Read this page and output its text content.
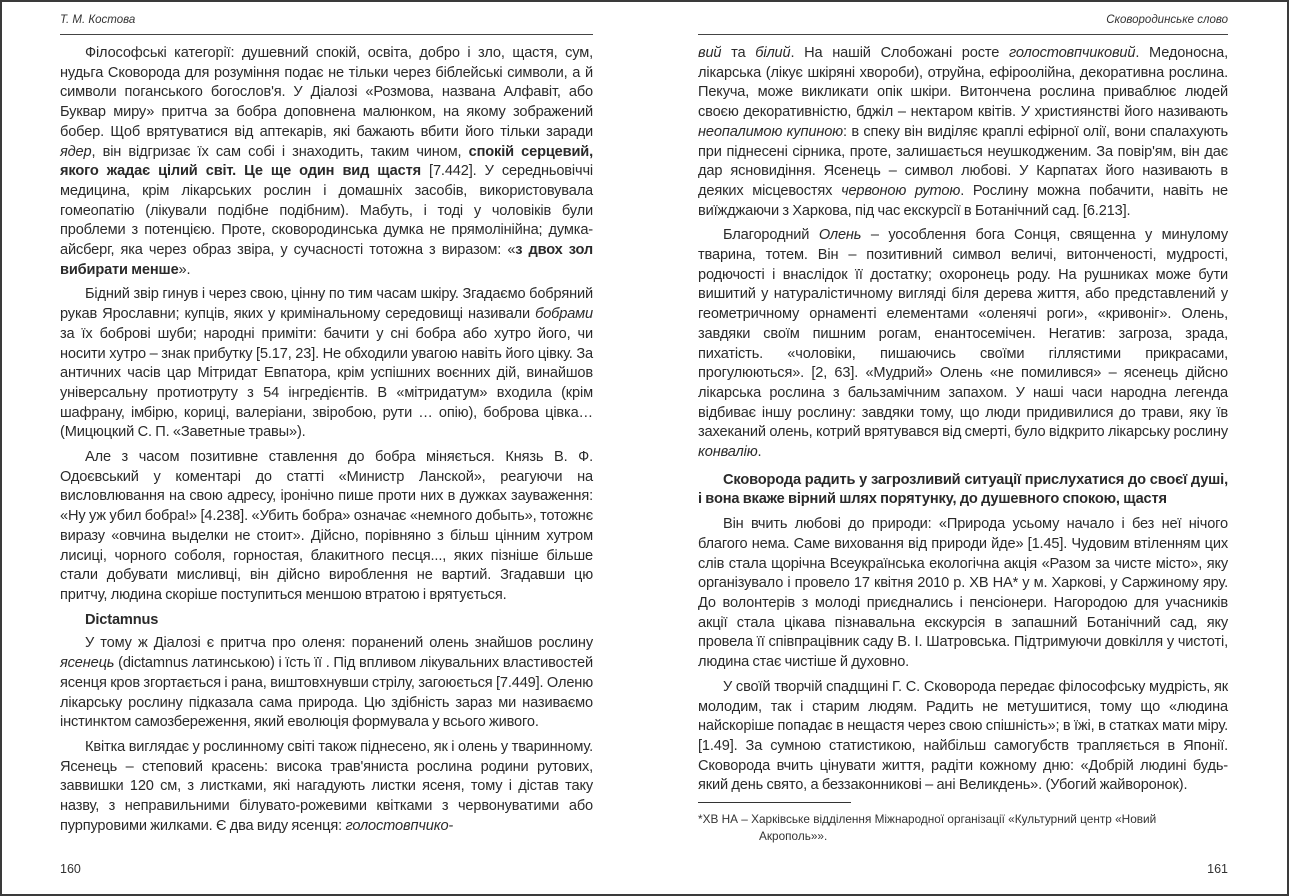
Т. М. Костова

Філософські категорії: душевний спокій, освіта, добро і зло, щастя, сум, нудьга Сковорода для розуміння подає не тільки через біблейські символи, а й символи поганського богослов'я. У Діалозі «Розмова, названа Алфавіт, або Буквар миру» притча за бобра доповнена малюнком, на якому зображений бобер. Щоб врятуватися від аптекарів, які бажають вбити його тільки заради ядер, він відгризає їх сам собі і знаходить, таким чином, спокій серцевий, якого жадає цілий світ. Це ще один вид щастя [7.442]. У середньовіччі медицина, крім лікарських рослин і домашніх засобів, використовувала гомеопатію (лікували подібне подібним). Мабуть, і тоді у чоловіків були проблеми з потенцією. Проте, сковородинська думка не прямолінійна; думка-айсберг, яка через образ звіра, у сучасності тотожна з виразом: «з двох зол вибирати менше».

Бідний звір гинув і через свою, цінну по тим часам шкіру. Згадаємо бобряний рукав Ярославни; купців, яких у кримінальному середовищі називали бобрами за їх боброві шуби; народні приміти: бачити у сні бобра або хутро його, чи носити хутро – знак прибутку [5.17, 23]. Не обходили увагою навіть його цівку. За античних часів цар Мітридат Евпатора, крім успішних воєнних дій, винайшов універсальну протиотруту з 54 інгредієнтів. В «мітридатум» входила (крім шафрану, імбірю, кориці, валеріани, звіробою, рути … опію), боброва цівка… (Мицюцкий С. П. «Заветные травы»).

Але з часом позитивне ставлення до бобра міняється. Князь В. Ф. Одоєвський у коментарі до статті «Министр Ланской», реагуючи на висловлювання на свою адресу, іронічно пише проти них в дужках зауваження: «Ну уж убил бобра!» [4.238]. «Убить бобра» означає «немного добыть», тотожнє виразу «овчина выделки не стоит». Дійсно, порівняно з більш цінним хутром лисиці, чорного соболя, горностая, блакитного песця..., яких пізніше більше стали добувати мисливці, він дійсно вироблення не вартий. Згадавши цю притчу, людина скоріше поступиться меншою втратою і врятується.

Dictamnus

У тому ж Діалозі є притча про оленя: поранений олень знайшов рослину ясенець (dictamnus латинською) і їсть її . Під впливом лікувальних властивостей ясенця кров згортається і рана, виштовхнувши стрілу, загоюється [7.449]. Оленю лікарську рослину підказала сама природа. Цю здібність зараз ми називаємо інстинктом самозбереження, який еволюція формувала у всього живого.

Квітка виглядає у рослинному світі також піднесено, як і олень у тваринному. Ясенець – степовий красень: висока трав'яниста рослина родини рутових, заввишки 120 см, з листками, які нагадують листки ясеня, тому і дістав таку назву, з неправильними білувато-рожевими квітками з червонуватими або пурпуровими жилками. Є два виду ясенця: голостовпчико-

160
Сковородинське слово

вий та білий. На нашій Слобожані росте голостовпчиковий. Медоносна, лікарська (лікує шкіряні хвороби), отруйна, ефіроолійна, декоративна рослина. Пекуча, може викликати опік шкіри. Витончена рослина приваблює людей своєю декоративністю, бджіл – нектаром квітів. У християнстві його називають неопалимою купиною: в спеку він виділяє краплі ефірної олії, вони спалахують при піднесені сірника, проте, залишається неушкодженим. За повір'ям, він дає дар ясновидіння. Ясенець – символ любові. У Карпатах його називають в деяких місцевостях червоною рутою. Рослину можна побачити, навіть не виїжджаючи з Харкова, під час екскурсії в Ботанічний сад. [6.213].

Благородний Олень – уособлення бога Сонця, священна у минулому тварина, тотем. Він – позитивний символ величі, витонченості, мудрості, родючості і внаслідок її достатку; охоронець роду. На рушниках може бути вишитий у натуралістичному вигляді біля дерева життя, або представлений у геометричному орнаменті елементами «оленячі роги», «кривоніг». Олень, завдяки своїм пишним рогам, енантосемічен. Негатив: загроза, зрада, пихатість. «чоловіки, пишаючись своїми гіллястими прикрасами, прогулюються». [2, 63]. «Мудрий» Олень «не помилився» – ясенець дійсно лікарська рослина з бальзамічним запахом. У наші часи народна легенда відбиває іншу рослину: завдяки тому, що люди придивилися до трави, яку їв захеканий олень, котрий врятувався від смерті, було відкрито лікарську рослину конвалію.

Сковорода радить у загрозливий ситуації прислухатися до своєї душі, і вона вкаже вірний шлях порятунку, до душевного спокою, щастя

Він вчить любові до природи: «Природа усьому начало і без неї нічого благого нема. Саме виховання від природи йде» [1.45]. Чудовим втіленням цих слів стала щорічна Всеукраїнська екологічна акція «Разом за чисте місто», яку організувало і провело 17 квітня 2010 р. ХВ НА* у м. Харкові, у Саржиному яру. До волонтерів з молоді приєднались і пенсіонери. Нагородою для учасників акції стала цікава пізнавальна екскурсія в запашний Ботанічний сад, яку провела її співпрацівник саду В. І. Шатровська. Підтримуючи довкілля у чистоті, людина стає чистіше й духовно.

У своїй творчій спадщині Г. С. Сковорода передає філософську мудрість, як молодим, так і старим людям. Радить не метушитися, тому що «людина найскоріше попадає в нещастя через свою спішність»; в їжі, в статках мати міру. [1.49]. За сумною статистикою, найбільш самогубств трапляється в Японії. Сковорода вчить цінувати життя, радіти кожному дню: «Добрій людині будь-який день свято, а беззаконникові – ані Великдень». (Убогий жайворонок).

*ХВ НА – Харківське відділення Міжнародної організації «Культурний центр «Новий
Акрополь»».
161
